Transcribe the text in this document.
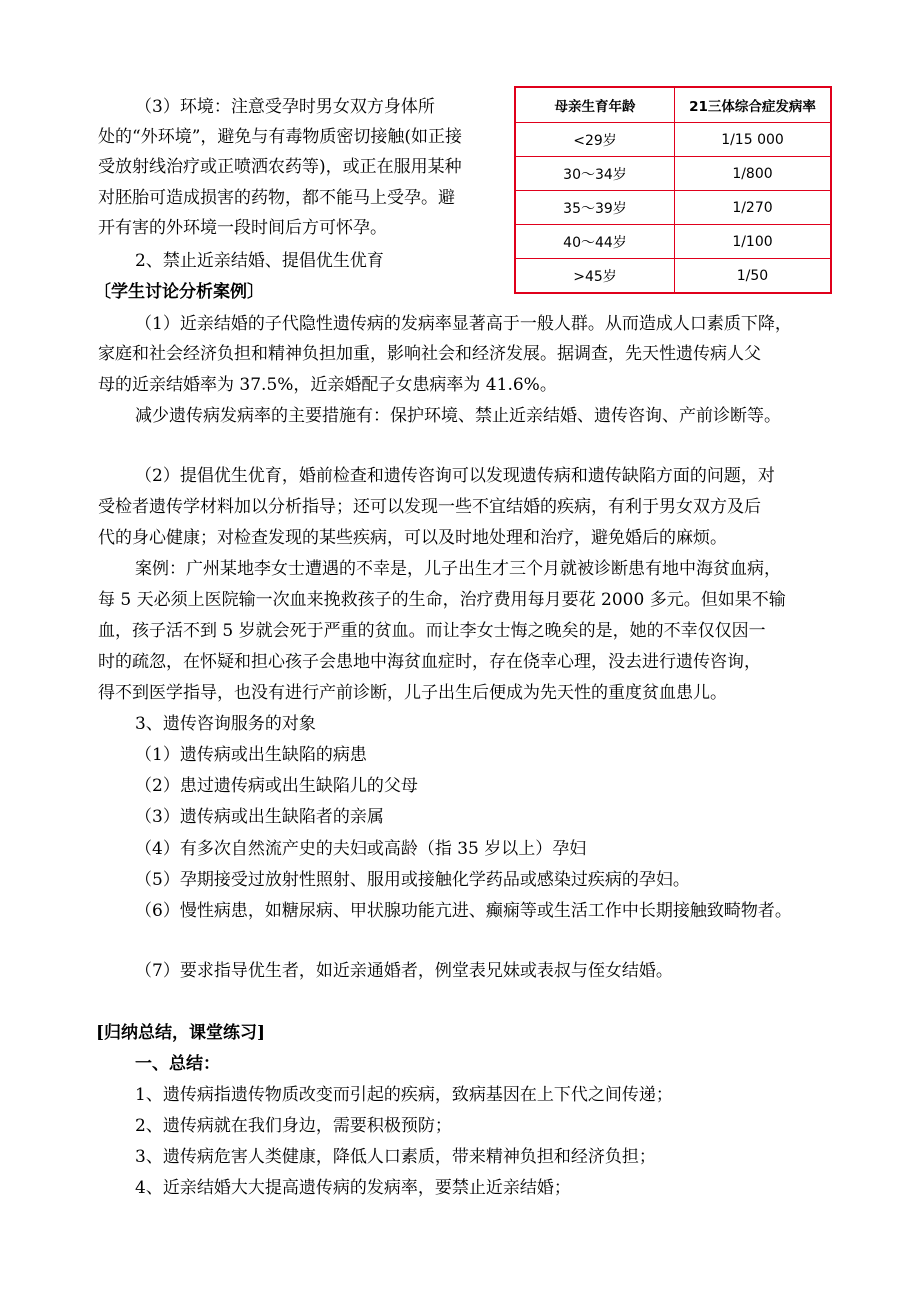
（3）环境：注意受孕时男女双方身体所
处的“外环境”，避免与有毒物质密切接触(如正接
受放射线治疗或正喷洒农药等)，或正在服用某种
对胚胎可造成损害的药物，都不能马上受孕。避
开有害的外环境一段时间后方可怀孕。
2、禁止近亲结婚、提倡优生优育
母亲生育年龄	21三体综合症发病率
<29岁	1/15 000
30～34岁	1/800
35～39岁	1/270
40～44岁	1/100
>45岁	1/50
〔学生讨论分析案例〕
（1）近亲结婚的子代隐性遗传病的发病率显著高于一般人群。从而造成人口素质下降，
家庭和社会经济负担和精神负担加重，影响社会和经济发展。据调查，先天性遗传病人父
母的近亲结婚率为 37.5%，近亲婚配子女患病率为 41.6%。
减少遗传病发病率的主要措施有：保护环境、禁止近亲结婚、遗传咨询、产前诊断等。
（2）提倡优生优育，婚前检查和遗传咨询可以发现遗传病和遗传缺陷方面的问题，对
受检者遗传学材料加以分析指导；还可以发现一些不宜结婚的疾病，有利于男女双方及后
代的身心健康；对检查发现的某些疾病，可以及时地处理和治疗，避免婚后的麻烦。
案例：广州某地李女士遭遇的不幸是，儿子出生才三个月就被诊断患有地中海贫血病，
每 5 天必须上医院输一次血来挽救孩子的生命，治疗费用每月要花 2000 多元。但如果不输
血，孩子活不到 5 岁就会死于严重的贫血。而让李女士悔之晚矣的是，她的不幸仅仅因一
时的疏忽，在怀疑和担心孩子会患地中海贫血症时，存在侥幸心理，没去进行遗传咨询，
得不到医学指导，也没有进行产前诊断，儿子出生后便成为先天性的重度贫血患儿。
3、遗传咨询服务的对象
（1）遗传病或出生缺陷的病患
（2）患过遗传病或出生缺陷儿的父母
（3）遗传病或出生缺陷者的亲属
（4）有多次自然流产史的夫妇或高龄（指 35 岁以上）孕妇
（5）孕期接受过放射性照射、服用或接触化学药品或感染过疾病的孕妇。
（6）慢性病患，如糖尿病、甲状腺功能亢进、癫痫等或生活工作中长期接触致畸物者。
（7）要求指导优生者，如近亲通婚者，例堂表兄妹或表叔与侄女结婚。
[归纳总结，课堂练习]
一、总结：
1、遗传病指遗传物质改变而引起的疾病，致病基因在上下代之间传递；
2、遗传病就在我们身边，需要积极预防；
3、遗传病危害人类健康，降低人口素质，带来精神负担和经济负担；
4、近亲结婚大大提高遗传病的发病率，要禁止近亲结婚；
